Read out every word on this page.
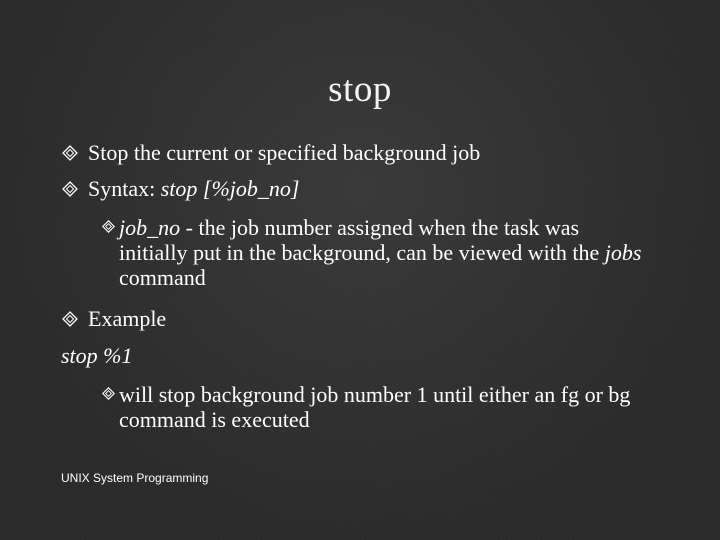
stop
Stop the current or specified background job
Syntax: stop [%job_no]
job_no - the job number assigned when the task was initially put in the background, can be viewed with the jobs command
Example
stop %1
will stop background job number 1 until either an fg or bg command is executed
UNIX System Programming
